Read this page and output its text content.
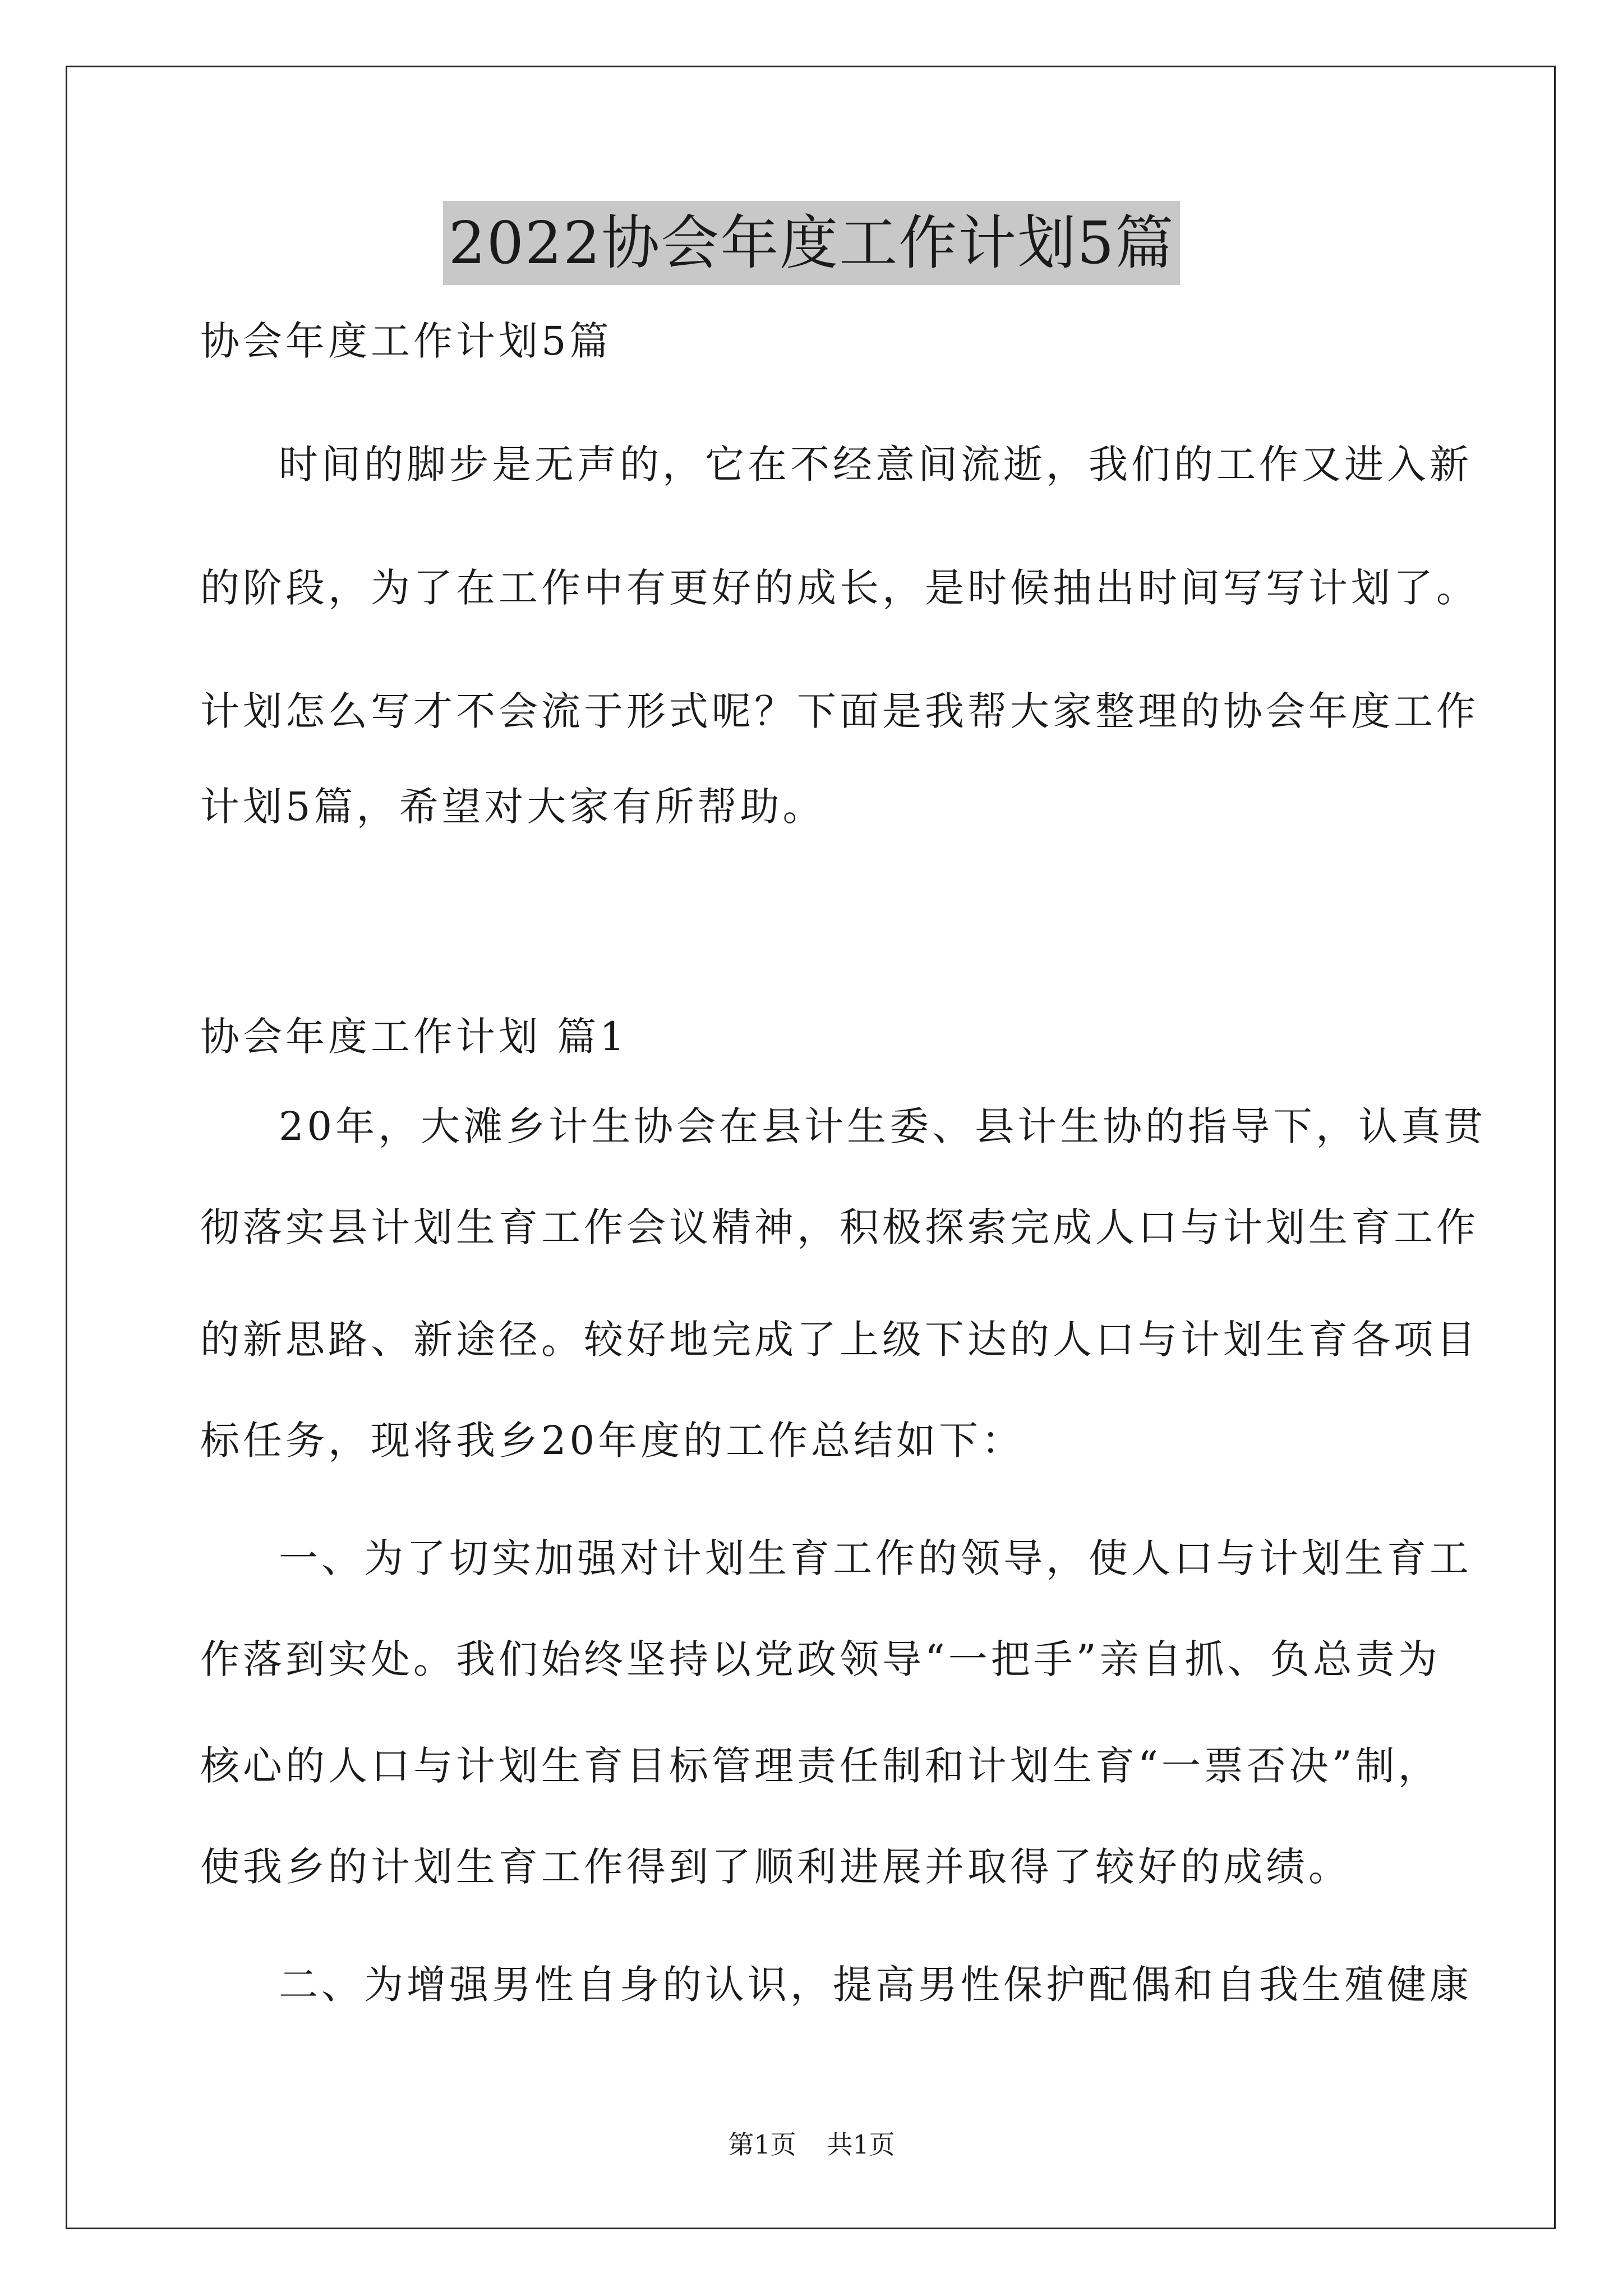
2022协会年度工作计划5篇
协会年度工作计划5篇
时间的脚步是无声的，它在不经意间流逝，我们的工作又进入新
的阶段，为了在工作中有更好的成长，是时候抽出时间写写计划了。
计划怎么写才不会流于形式呢？下面是我帮大家整理的协会年度工作
计划5篇，希望对大家有所帮助。
协会年度工作计划 篇1
20年，大滩乡计生协会在县计生委、县计生协的指导下，认真贯
彻落实县计划生育工作会议精神，积极探索完成人口与计划生育工作
的新思路、新途径。较好地完成了上级下达的人口与计划生育各项目
标任务，现将我乡20年度的工作总结如下：
一、为了切实加强对计划生育工作的领导，使人口与计划生育工
作落到实处。我们始终坚持以党政领导“一把手”亲自抓、负总责为
核心的人口与计划生育目标管理责任制和计划生育“一票否决”制，
使我乡的计划生育工作得到了顺利进展并取得了较好的成绩。
二、为增强男性自身的认识，提高男性保护配偶和自我生殖健康
第1页 共1页
